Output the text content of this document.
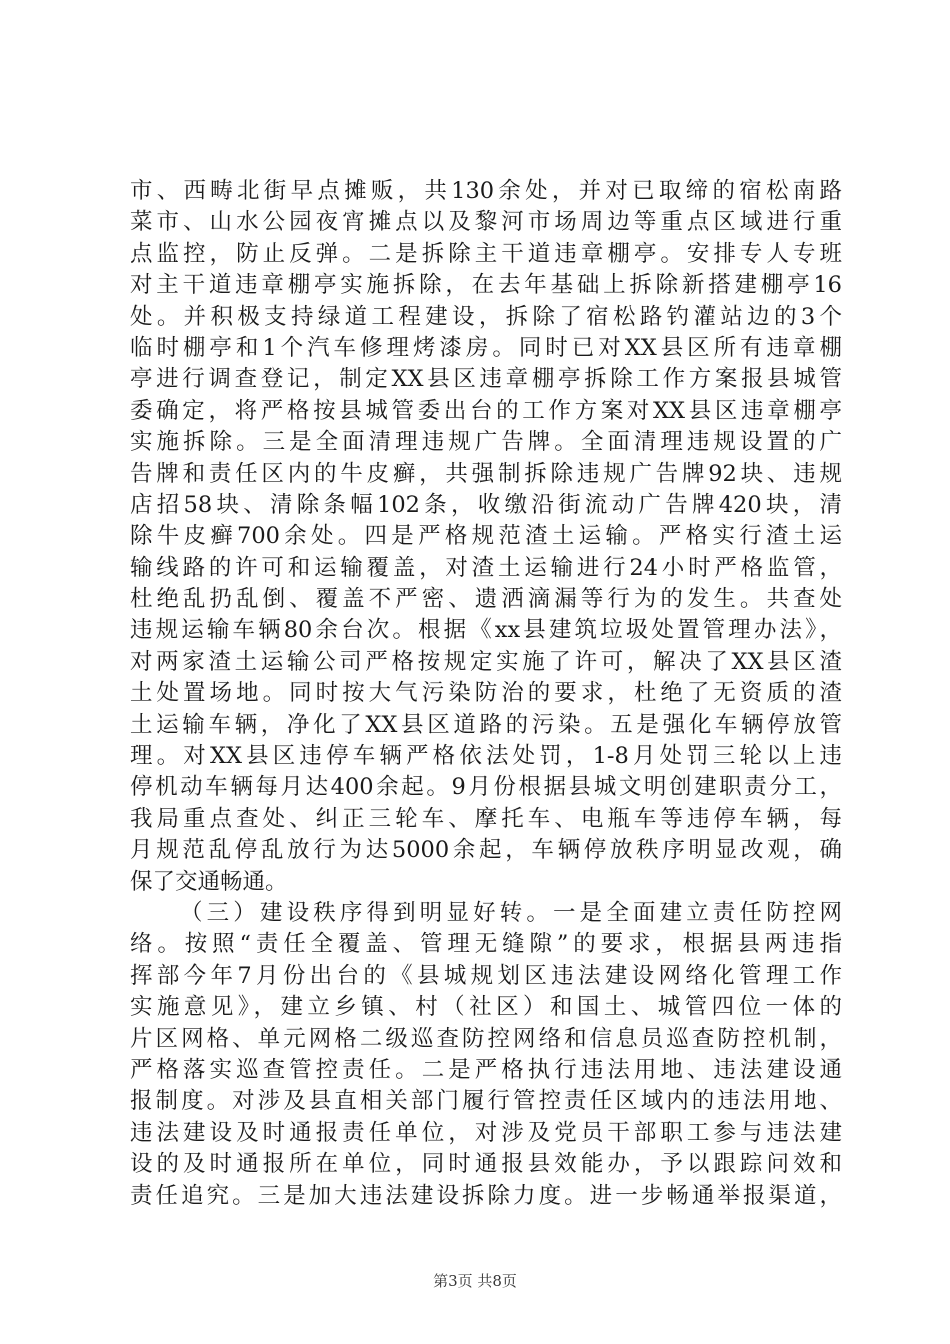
市、西畴北街早点摊贩，共130余处，并对已取缔的宿松南路
菜市、山水公园夜宵摊点以及黎河市场周边等重点区域进行重
点监控，防止反弹。二是拆除主干道违章棚亭。安排专人专班
对主干道违章棚亭实施拆除，在去年基础上拆除新搭建棚亭16
处。并积极支持绿道工程建设，拆除了宿松路钓灌站边的3个
临时棚亭和1个汽车修理烤漆房。同时已对XX县区所有违章棚
亭进行调查登记，制定XX县区违章棚亭拆除工作方案报县城管
委确定，将严格按县城管委出台的工作方案对XX县区违章棚亭
实施拆除。三是全面清理违规广告牌。全面清理违规设置的广
告牌和责任区内的牛皮癣，共强制拆除违规广告牌92块、违规
店招58块、清除条幅102条，收缴沿街流动广告牌420块，清
除牛皮癣700余处。四是严格规范渣土运输。严格实行渣土运
输线路的许可和运输覆盖，对渣土运输进行24小时严格监管，
杜绝乱扔乱倒、覆盖不严密、遗洒滴漏等行为的发生。共查处
违规运输车辆80余台次。根据《xx县建筑垃圾处置管理办法》，
对两家渣土运输公司严格按规定实施了许可，解决了XX县区渣
土处置场地。同时按大气污染防治的要求，杜绝了无资质的渣
土运输车辆，净化了XX县区道路的污染。五是强化车辆停放管
理。对XX县区违停车辆严格依法处罚，1-8月处罚三轮以上违
停机动车辆每月达400余起。9月份根据县城文明创建职责分工，
我局重点查处、纠正三轮车、摩托车、电瓶车等违停车辆，每
月规范乱停乱放行为达5000余起，车辆停放秩序明显改观，确
保了交通畅通。
（三）建设秩序得到明显好转。一是全面建立责任防控网
络。按照“责任全覆盖、管理无缝隙”的要求，根据县两违指
挥部今年7月份出台的《县城规划区违法建设网络化管理工作
实施意见》，建立乡镇、村（社区）和国土、城管四位一体的
片区网格、单元网格二级巡查防控网络和信息员巡查防控机制，
严格落实巡查管控责任。二是严格执行违法用地、违法建设通
报制度。对涉及县直相关部门履行管控责任区域内的违法用地、
违法建设及时通报责任单位，对涉及党员干部职工参与违法建
设的及时通报所在单位，同时通报县效能办，予以跟踪问效和
责任追究。三是加大违法建设拆除力度。进一步畅通举报渠道，
第3页 共8页
